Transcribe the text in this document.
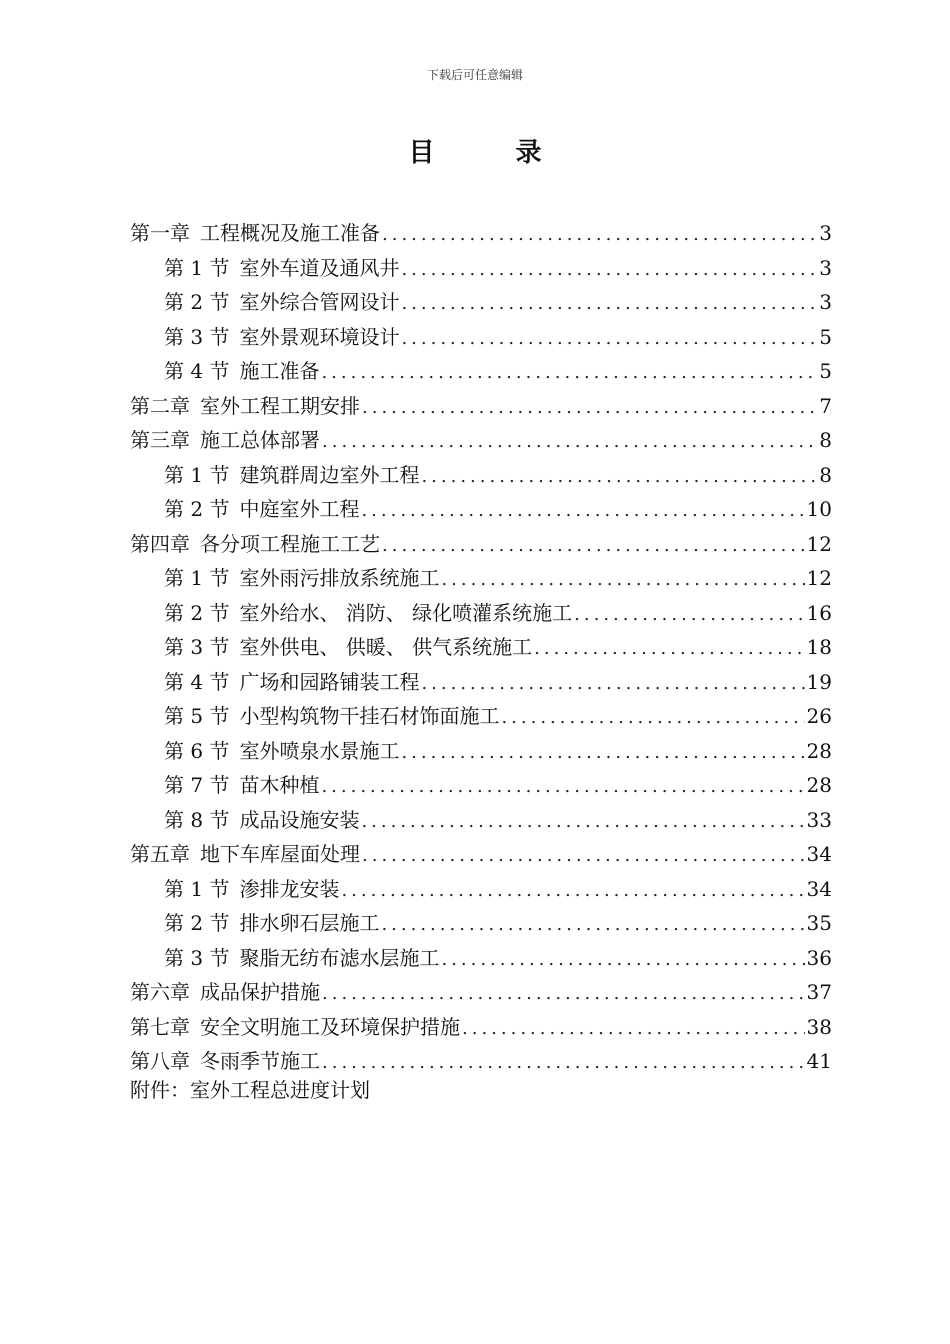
下载后可任意编辑
目 录
第一章 工程概况及施工准备 .....	3
第 1 节 室外车道及通风井 .....	3
第 2 节 室外综合管网设计 .....	3
第 3 节 室外景观环境设计 .....	5
第 4 节 施工准备 .....	5
第二章 室外工程工期安排 .....	7
第三章 施工总体部署 .....	8
第 1 节 建筑群周边室外工程 .....	8
第 2 节 中庭室外工程 .....	10
第四章 各分项工程施工工艺 .....	12
第 1 节 室外雨污排放系统施工 .....	12
第 2 节 室外给水、 消防、 绿化喷灌系统施工 .....	16
第 3 节 室外供电、 供暖、 供气系统施工 .....	18
第 4 节 广场和园路铺装工程 .....	19
第 5 节 小型构筑物干挂石材饰面施工 .....	26
第 6 节 室外喷泉水景施工 .....	28
第 7 节 苗木种植 .....	28
第 8 节 成品设施安装 .....	33
第五章 地下车库屋面处理 .....	34
第 1 节 渗排龙安装 .....	34
第 2 节 排水卵石层施工 .....	35
第 3 节 聚脂无纺布滤水层施工 .....	36
第六章 成品保护措施 .....	37
第七章 安全文明施工及环境保护措施 .....	38
第八章 冬雨季节施工 .....	41
附件：室外工程总进度计划
